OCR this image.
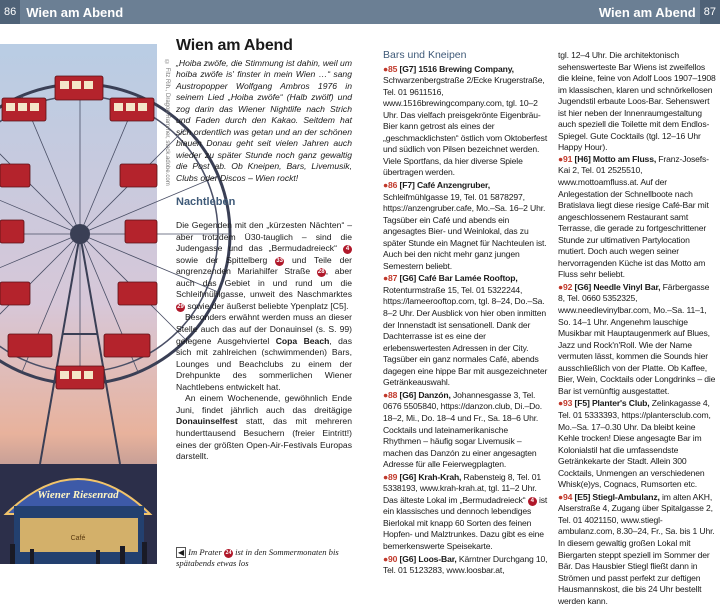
86 Wien am Abend	Wien am Abend 87
Wiener Riesenrad
Café
© Fitz Rih., Dragon Rammer, stock.adobe.com
Wien am Abend

„Hoiba zwöfe, die Stimmung ist dahin, weil um hoiba zwöfe is' finster in mein Wien …“ sang Austropopper Wolfgang Ambros 1976 in seinem Lied „Hoiba zwöfe“ (Halb zwölf) und zog darin das Wiener Nightlife nach Strich und Faden durch den Kakao. Seitdem hat sich ordentlich was getan und an der schönen blauen Donau geht seit vielen Jahren auch wieder zu später Stunde noch ganz gewaltig die Post ab. Ob Kneipen, Bars, Livemusik, Clubs oder Discos – Wien rockt!

Nachtleben

Die Gegenden mit den „kürzesten Nächten“ – aber trotzdem Ü30-tauglich – sind die Judengasse und das „Bermudadreieck“ 4 sowie der Spittelberg 33 und Teile der angrenzenden Mariahilfer Straße 28, aber auch das Gebiet in und rund um die Schleifmühlgasse, unweit des Naschmarktes 29 sowie der äußerst beliebte Ypenplatz [C5].

Besonders erwähnt werden muss an dieser Stelle auch das auf der Donauinsel (s. S. 99) gelegene Ausgehviertel Copa Beach, das sich mit zahlreichen (schwimmenden) Bars, Lounges und Beachclubs zu einem der Drehpunkte des sommerlichen Wiener Nachtlebens entwickelt hat.

An einem Wochenende, gewöhnlich Ende Juni, findet jährlich auch das dreitägige Donauinselfest statt, das mit mehreren hunderttausend Besuchern (freier Eintritt!) eines der größten Open-Air-Festivals Europas darstellt.

◀ Im Prater 24 ist in den Sommermonaten bis spätabends etwas los
Bars und Kneipen
●85 [G7] 1516 Brewing Company, Schwarzenbergstraße 2/Ecke Krugerstraße, Tel. 01 9611516, www.1516brewingcompany.com, tgl. 10–2 Uhr. Das vielfach preisgekrönte Eigenbräu-Bier kann getrost als eines der „geschmacklichsten“ östlich vom Oktoberfest und südlich von Pilsen bezeichnet werden. Viele Sportfans, da hier diverse Spiele übertragen werden.
●86 [F7] Café Anzengruber, Schleifmühlgasse 19, Tel. 01 5878297, https://anzengruber.cafe, Mo.–Sa. 16–2 Uhr. Tagsüber ein Café und abends ein angesagtes Bier- und Weinlokal, das zu später Stunde ein Magnet für Nachteulen ist. Auch bei den nicht mehr ganz jungen Semestern beliebt.
●87 [G6] Café Bar Lamée Rooftop, Rotenturmstraße 15, Tel. 01 5322244, https://lameerooftop.com, tgl. 8–24, Do.–Sa. 8–2 Uhr. Der Ausblick von hier oben inmitten der Innenstadt ist sensationell. Dank der Dachterrasse ist es eine der erlebenswertesten Adressen in der City. Tagsüber ein ganz normales Café, abends dagegen eine hippe Bar mit ausgezeichneter Getränkeauswahl.
●88 [G6] Danzón, Johannesgasse 3, Tel. 0676 5505840, https://danzon.club, Di.–Do. 18–2, Mi., Do. 18–4 und Fr., Sa. 18–6 Uhr. Cocktails und lateinamerikanische Rhythmen – häufig sogar Livemusik – machen das Danzón zu einer angesagten Adresse für alle Feierwegplagten.
●89 [G6] Krah-Krah, Rabensteig 8, Tel. 01 5338193, www.krah-krah.at, tgl. 11–2 Uhr. Das älteste Lokal im „Bermudadreieck“ 4 ist ein klassisches und dennoch lebendiges Bierlokal mit knapp 60 Sorten des feinen Hopfen- und Malztrunkes. Dazu gibt es eine bemerkenswerte Speisekarte.
●90 [G6] Loos-Bar, Kärntner Durchgang 10, Tel. 01 5123283, www.loosbar.at,
tgl. 12–4 Uhr. Die architektonisch sehenswerteste Bar Wiens ist zweifellos die kleine, feine von Adolf Loos 1907–1908 im klassischen, klaren und schnörkellosen Jugendstil erbaute Loos-Bar. Sehenswert ist hier neben der Innenraumgestaltung auch speziell die Toilette mit dem Endlos-Spiegel. Gute Cocktails (tgl. 12–16 Uhr Happy Hour).
●91 [H6] Motto am Fluss, Franz-Josefs-Kai 2, Tel. 01 2525510, www.mottoamfluss.at. Auf der Anlegestation der Schnellboote nach Bratislava liegt diese riesige Café-Bar mit angeschlossenem Restaurant samt Terrasse, die gerade zu fortgeschrittener Stunde zur ultimativen Partylocation mutiert. Doch auch wegen seiner hervorragenden Küche ist das Motto am Fluss sehr beliebt.
●92 [G6] Needle Vinyl Bar, Färbergasse 8, Tel. 0660 5352325, www.needlevinylbar.com, Mo.–Sa. 11–1, So. 14–1 Uhr. Angenehm lauschige Musikbar mit Hauptaugenmerk auf Blues, Jazz und Rock'n'Roll. Wie der Name vermuten lässt, kommen die Sounds hier ausschließlich von der Platte. Ob Kaffee, Bier, Wein, Cocktails oder Longdrinks – die Bar ist vernünftig ausgestattet.
●93 [F5] Planter's Club, Zelinkagasse 4, Tel. 01 5333393, https://plantersclub.com, Mo.–Sa. 17–0.30 Uhr. Da bleibt keine Kehle trocken! Diese angesagte Bar im Kolonialstil hat die umfassendste Getränkekarte der Stadt. Allein 300 Cocktails, Unmengen an verschiedenen Whisk(e)ys, Cognacs, Rumsorten etc.
●94 [E5] Stiegl-Ambulanz, im alten AKH, Alserstraße 4, Zugang über Spitalgasse 2, Tel. 01 4021150, www.stiegl-ambulanz.com, 8.30–24, Fr., Sa. bis 1 Uhr. In diesem gewaltig großen Lokal mit Biergarten steppt speziell im Sommer der Bär. Das Hausbier Stiegl fließt dann in Strömen und passt perfekt zur deftigen Hausmannskost, die bis 24 Uhr bestellt werden kann.
